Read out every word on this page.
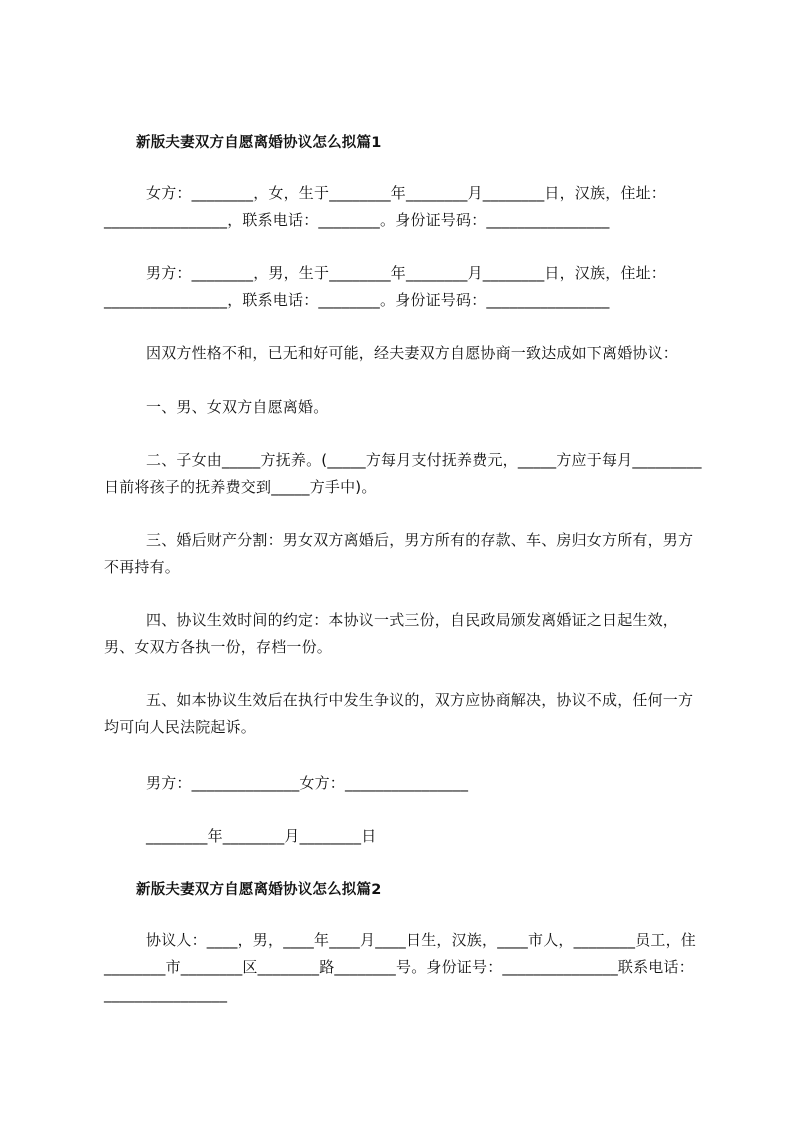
新版夫妻双方自愿离婚协议怎么拟篇1

女方：________，女，生于________年________月________日，汉族，住址：________________，联系电话：________。身份证号码：________________

男方：________，男，生于________年________月________日，汉族，住址：________________，联系电话：________。身份证号码：________________

因双方性格不和，已无和好可能，经夫妻双方自愿协商一致达成如下离婚协议：

一、男、女双方自愿离婚。

二、子女由_____方抚养。(_____方每月支付抚养费元，_____方应于每月_________日前将孩子的抚养费交到_____方手中)。

三、婚后财产分割：男女双方离婚后，男方所有的存款、车、房归女方所有，男方不再持有。

四、协议生效时间的约定：本协议一式三份，自民政局颁发离婚证之日起生效，男、女双方各执一份，存档一份。

五、如本协议生效后在执行中发生争议的，双方应协商解决，协议不成，任何一方均可向人民法院起诉。

男方：______________女方：________________
________年________月________日
新版夫妻双方自愿离婚协议怎么拟篇2

协议人：____，男，____年____月____日生，汉族，____市人，________员工，住________市________区________路________号。身份证号：_______________联系电话：________________
